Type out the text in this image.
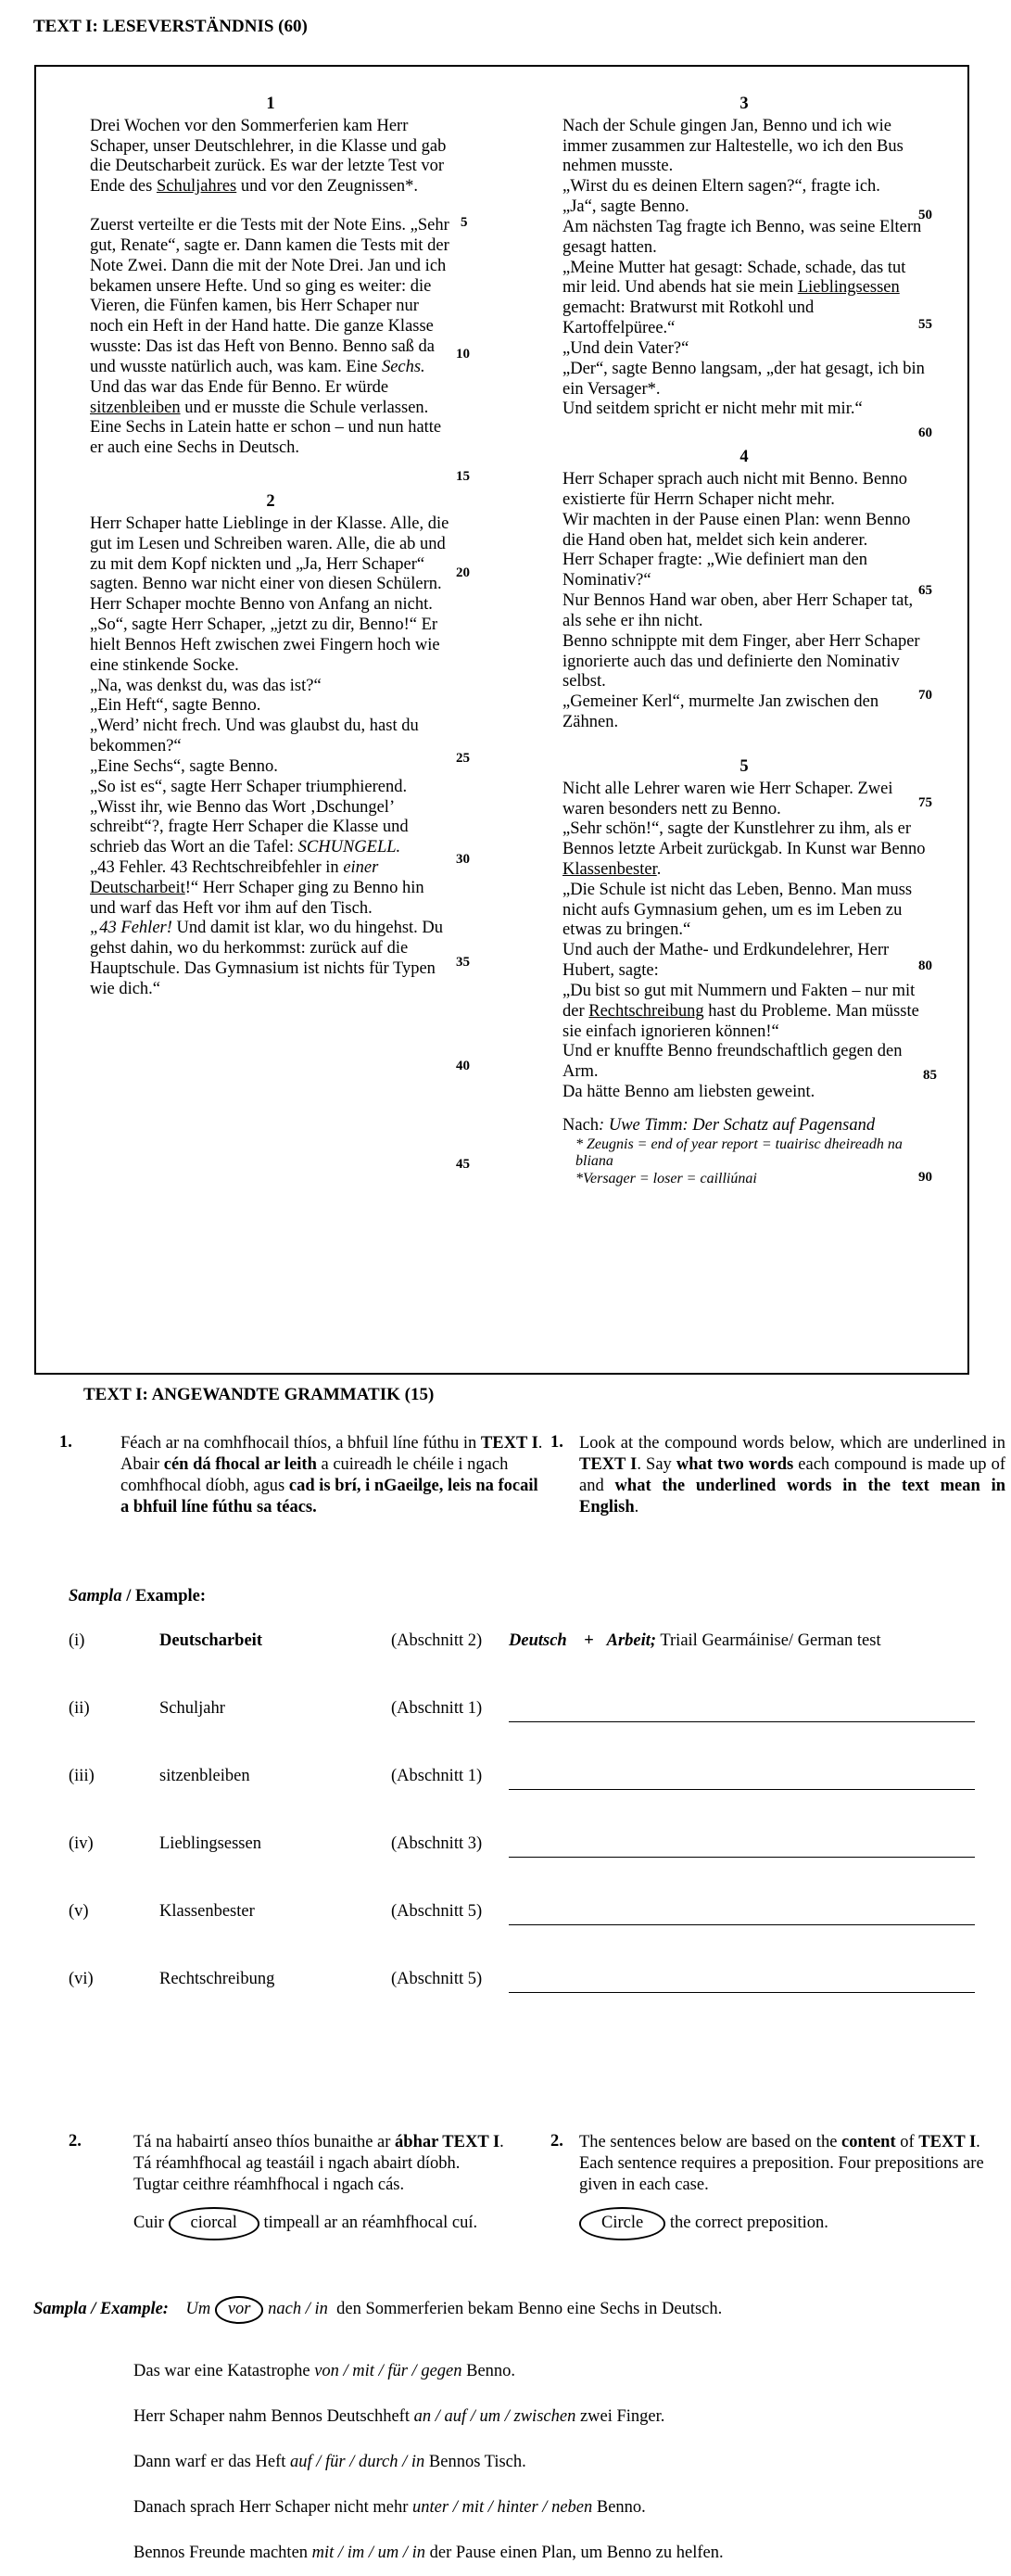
TEXT I: LESEVERSTÄNDNIS (60)
1

Drei Wochen vor den Sommerferien kam Herr Schaper, unser Deutschlehrer, in die Klasse und gab die Deutscharbeit zurück. Es war der letzte Test vor Ende des Schuljahres und vor den Zeugnissen*.

Zuerst verteilte er die Tests mit der Note Eins. „Sehr gut, Renate“, sagte er. Dann kamen die Tests mit der Note Zwei. Dann die mit der Note Drei. Jan und ich bekamen unsere Hefte. Und so ging es weiter: die Vieren, die Fünfen kamen, bis Herr Schaper nur noch ein Heft in der Hand hatte. Die ganze Klasse wusste: Das ist das Heft von Benno. Benno saß da und wusste natürlich auch, was kam. Eine Sechs.

Und das war das Ende für Benno. Er würde sitzenbleiben und er musste die Schule verlassen. Eine Sechs in Latein hatte er schon – und nun hatte er auch eine Sechs in Deutsch.

2

Herr Schaper hatte Lieblinge in der Klasse. Alle, die gut im Lesen und Schreiben waren. Alle, die ab und zu mit dem Kopf nickten und „Ja, Herr Schaper“ sagten. Benno war nicht einer von diesen Schülern. Herr Schaper mochte Benno von Anfang an nicht.

„So“, sagte Herr Schaper, „jetzt zu dir, Benno!“ Er hielt Bennos Heft zwischen zwei Fingern hoch wie eine stinkende Socke.

„Na, was denkst du, was das ist?“

„Ein Heft“, sagte Benno.

„Werd’ nicht frech. Und was glaubst du, hast du bekommen?“

„Eine Sechs“, sagte Benno.

„So ist es“, sagte Herr Schaper triumphierend. „Wisst ihr, wie Benno das Wort ‚Dschungel’ schreibt“?, fragte Herr Schaper die Klasse und schrieb das Wort an die Tafel: SCHUNGELL.

„43 Fehler. 43 Rechtschreibfehler in einer Deutscharbeit!“ Herr Schaper ging zu Benno hin und warf das Heft vor ihm auf den Tisch.

„43 Fehler! Und damit ist klar, wo du hingehst. Du gehst dahin, wo du herkommst: zurück auf die Hauptschule. Das Gymnasium ist nichts für Typen wie dich.“

3

Nach der Schule gingen Jan, Benno und ich wie immer zusammen zur Haltestelle, wo ich den Bus nehmen musste.

„Wirst du es deinen Eltern sagen?“, fragte ich.

„Ja“, sagte Benno.

Am nächsten Tag fragte ich Benno, was seine Eltern gesagt hatten.

„Meine Mutter hat gesagt: Schade, schade, das tut mir leid. Und abends hat sie mein Lieblingsessen gemacht: Bratwurst mit Rotkohl und Kartoffelpüree.“

„Und dein Vater?“

„Der“, sagte Benno langsam, „der hat gesagt, ich bin ein Versager*.

Und seitdem spricht er nicht mehr mit mir.“

4

Herr Schaper sprach auch nicht mit Benno. Benno existierte für Herrn Schaper nicht mehr.

Wir machten in der Pause einen Plan: wenn Benno die Hand oben hat, meldet sich kein anderer.

Herr Schaper fragte: „Wie definiert man den Nominativ?“

Nur Bennos Hand war oben, aber Herr Schaper tat, als sehe er ihn nicht.

Benno schnippte mit dem Finger, aber Herr Schaper ignorierte auch das und definierte den Nominativ selbst.

„Gemeiner Kerl“, murmelte Jan zwischen den Zähnen.

5

Nicht alle Lehrer waren wie Herr Schaper. Zwei waren besonders nett zu Benno.

„Sehr schön!“, sagte der Kunstlehrer zu ihm, als er Bennos letzte Arbeit zurückgab. In Kunst war Benno Klassenbester.

„Die Schule ist nicht das Leben, Benno. Man muss nicht aufs Gymnasium gehen, um es im Leben zu etwas zu bringen.“

Und auch der Mathe- und Erdkundelehrer, Herr Hubert, sagte:

„Du bist so gut mit Nummern und Fakten – nur mit der Rechtschreibung hast du Probleme. Man müsste sie einfach ignorieren können!“

Und er knuffte Benno freundschaftlich gegen den Arm.

Da hätte Benno am liebsten geweint.

Nach: Uwe Timm: Der Schatz auf Pagensand

* Zeugnis = end of year report = tuairisc dheireadh na bliana
*Versager = loser = cailliúnai
5
10
15
20
25
30
35
40
45
50
55
60
65
70
75
80
85
90
TEXT I: ANGEWANDTE GRAMMATIK (15)
1.	Féach ar na comhfhocail thíos, a bhfuil líne fúthu in TEXT I. Abair cén dá fhocal ar leith a cuireadh le chéile i ngach comhfhocal díobh, agus cad is brí, i nGaeilge, leis na focail a bhfuil líne fúthu sa téacs.
1. Look at the compound words below, which are underlined in TEXT I. Say what two words each compound is made up of and what the underlined words in the text mean in English.
Sampla / Example:
(i)	Deutscharbeit	(Abschnitt 2) Deutsch + Arbeit; Triail Gearmáinise/ German test
(ii)	Schuljahr	(Abschnitt 1)
(iii)	sitzenbleiben	(Abschnitt 1)
(iv)	Lieblingsessen	(Abschnitt 3)
(v)	Klassenbester	(Abschnitt 5)
(vi)	Rechtschreibung	(Abschnitt 5)
2.	Tá na habairtí anseo thíos bunaithe ar ábhar TEXT I. Tá réamhfhocal ag teastáil i ngach abairt díobh. Tugtar ceithre réamhfhocal i ngach cás.
Cuir ciorcal timpeall ar an réamhfhocal cuí.
2. The sentences below are based on the content of TEXT I. Each sentence requires a preposition. Four prepositions are given in each case.
Circle the correct preposition.
Sampla / Example: Um vor nach / in den Sommerferien bekam Benno eine Sechs in Deutsch.
Das war eine Katastrophe von / mit / für / gegen Benno.
Herr Schaper nahm Bennos Deutschheft an / auf / um / zwischen zwei Finger.
Dann warf er das Heft auf / für / durch / in Bennos Tisch.
Danach sprach Herr Schaper nicht mehr unter / mit / hinter / neben Benno.
Bennos Freunde machten mit / im / um / in der Pause einen Plan, um Benno zu helfen.
